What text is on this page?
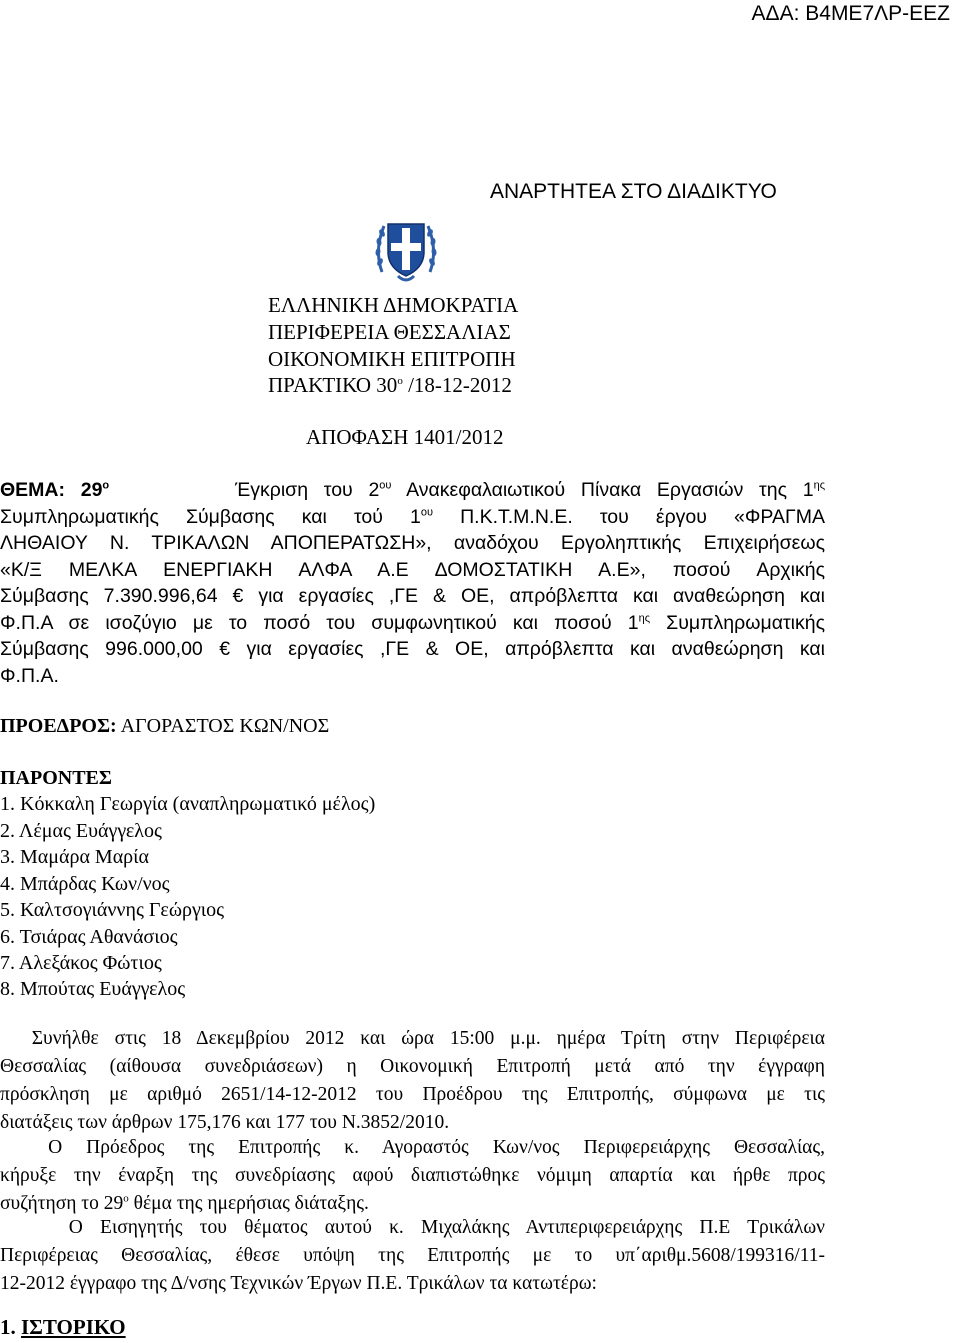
ΑΔΑ: Β4ΜΕ7ΛΡ-ΕΕΖ
ΑΝΑΡΤΗΤΕΑ ΣΤΟ ΔΙΑΔΙΚΤΥΟ
ΕΛΛΗΝΙΚΗ ΔΗΜΟΚΡΑΤΙΑ
ΠΕΡΙΦΕΡΕΙΑ ΘΕΣΣΑΛΙΑΣ
ΟΙΚΟΝΟΜΙΚΗ ΕΠΙΤΡΟΠΗ
ΠΡΑΚΤΙΚΟ $30^o$ /18-12-2012
ΑΠΟΦΑΣΗ 1401/2012
ΘΕΜΑ: $29^o$	Έγκριση του $2^{o\upsilon}$ Ανακεφαλαιωτικού Πίνακα Εργασιών της $1^{\eta\varsigma}$
Συμπληρωματικής Σύμβασης και τού $1^{o\upsilon}$ Π.Κ.Τ.Μ.Ν.Ε. του έργου «ΦΡΑΓΜΑ
ΛΗΘΑΙΟΥ Ν. ΤΡΙΚΑΛΩΝ ΑΠΟΠΕΡΑΤΩΣΗ», αναδόχου Εργοληπτικής Επιχειρήσεως
«Κ/Ξ ΜΕΛΚΑ ΕΝΕΡΓΙΑΚΗ ΑΛΦΑ Α.Ε ΔΟΜΟΣΤΑΤΙΚΗ Α.Ε», ποσού Αρχικής
Σύμβασης 7.390.996,64 € για εργασίες ,ΓΕ & ΟΕ, απρόβλεπτα και αναθεώρηση και
Φ.Π.Α σε ισοζύγιο με το ποσό του συμφωνητικού και ποσού $1^{\eta\varsigma}$ Συμπληρωματικής
Σύμβασης 996.000,00 € για εργασίες ,ΓΕ & ΟΕ, απρόβλεπτα και αναθεώρηση και
Φ.Π.Α.
ΠΡΟΕΔΡΟΣ: ΑΓΟΡΑΣΤΟΣ ΚΩΝ/ΝΟΣ
ΠΑΡΟΝΤΕΣ
1. Κόκκαλη Γεωργία (αναπληρωματικό μέλος)
2. Λέμας Ευάγγελος
3. Μαμάρα Μαρία
4. Μπάρδας Κων/νος
5. Καλτσογιάννης Γεώργιος
6. Τσιάρας Αθανάσιος
7. Αλεξάκος Φώτιος
8. Μπούτας Ευάγγελος
Συνήλθε στις 18 Δεκεμβρίου 2012 και ώρα 15:00 μ.μ. ημέρα Τρίτη στην Περιφέρεια
Θεσσαλίας (αίθουσα συνεδριάσεων) η Οικονομική Επιτροπή μετά από την έγγραφη
πρόσκληση με αριθμό 2651/14-12-2012 του Προέδρου της Επιτροπής, σύμφωνα με τις
διατάξεις των άρθρων 175,176 και 177 του Ν.3852/2010.
Ο Πρόεδρος της Επιτροπής κ. Αγοραστός Κων/νος Περιφερειάρχης Θεσσαλίας,
κήρυξε την έναρξη της συνεδρίασης αφού διαπιστώθηκε νόμιμη απαρτία και ήρθε προς
συζήτηση το $29^o$ θέμα της ημερήσιας διάταξης.
Ο Εισηγητής του θέματος αυτού κ. Μιχαλάκης Αντιπεριφερειάρχης Π.Ε Τρικάλων
Περιφέρειας Θεσσαλίας, έθεσε υπόψη της Επιτροπής με το υπ΄αριθμ.5608/199316/11-
12-2012 έγγραφο της Δ/νσης Τεχνικών Έργων Π.Ε. Τρικάλων τα κατωτέρω:
1. ΙΣΤΟΡΙΚΟ
